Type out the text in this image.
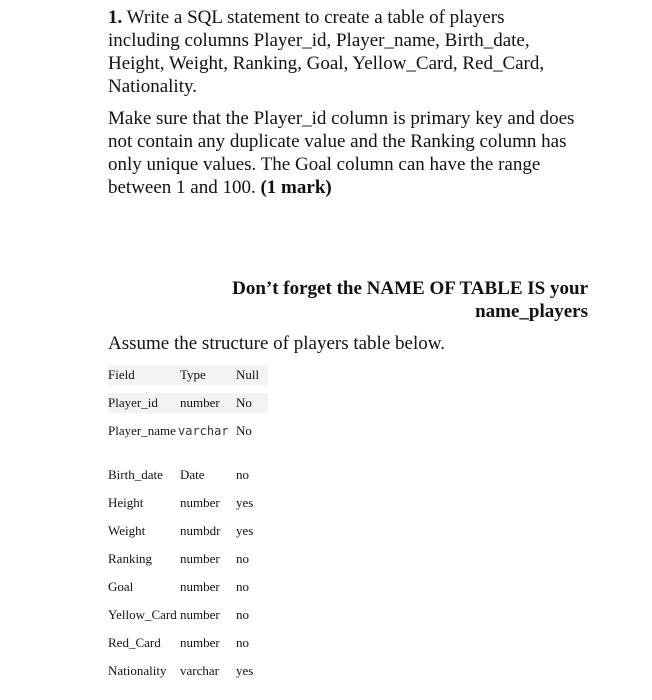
1. Write a SQL statement to create a table of players including columns Player_id, Player_name, Birth_date, Height, Weight, Ranking, Goal, Yellow_Card, Red_Card, Nationality.
Make sure that the Player_id column is primary key and does not contain any duplicate value and the Ranking column has only unique values. The Goal column can have the range between 1 and 100. (1 mark)
Don’t forget the NAME OF TABLE IS your name_players
Assume the structure of players table below.
Field	Type Null
Player_id number No
Player_name varchar No
Birth_date Date no
Height	number yes
Weight	numbdr yes
Ranking number no
Goal	number no
Yellow_Card number no
Red_Card number no
Nationality varchar yes
